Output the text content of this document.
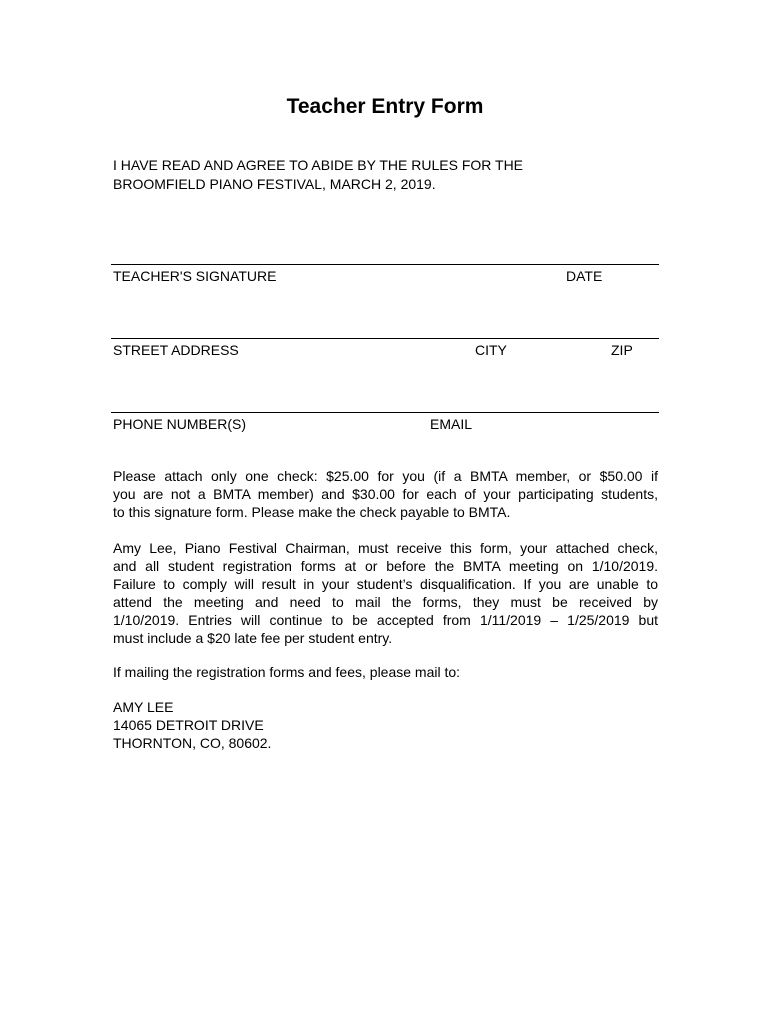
Teacher Entry Form
I HAVE READ AND AGREE TO ABIDE BY THE RULES FOR THE
BROOMFIELD PIANO FESTIVAL, MARCH 2, 2019.
TEACHER'S SIGNATURE	DATE
STREET ADDRESS	CITY	ZIP
PHONE NUMBER(S)	EMAIL
Please attach only one check: $25.00 for you (if a BMTA member, or $50.00 if
you are not a BMTA member) and $30.00 for each of your participating students,
to this signature form. Please make the check payable to BMTA.
Amy Lee, Piano Festival Chairman, must receive this form, your attached check,
and all student registration forms at or before the BMTA meeting on 1/10/2019.
Failure to comply will result in your student’s disqualification. If you are unable to
attend the meeting and need to mail the forms, they must be received by
1/10/2019. Entries will continue to be accepted from 1/11/2019 – 1/25/2019 but
must include a $20 late fee per student entry.
If mailing the registration forms and fees, please mail to:
AMY LEE
14065 DETROIT DRIVE
THORNTON, CO, 80602.
